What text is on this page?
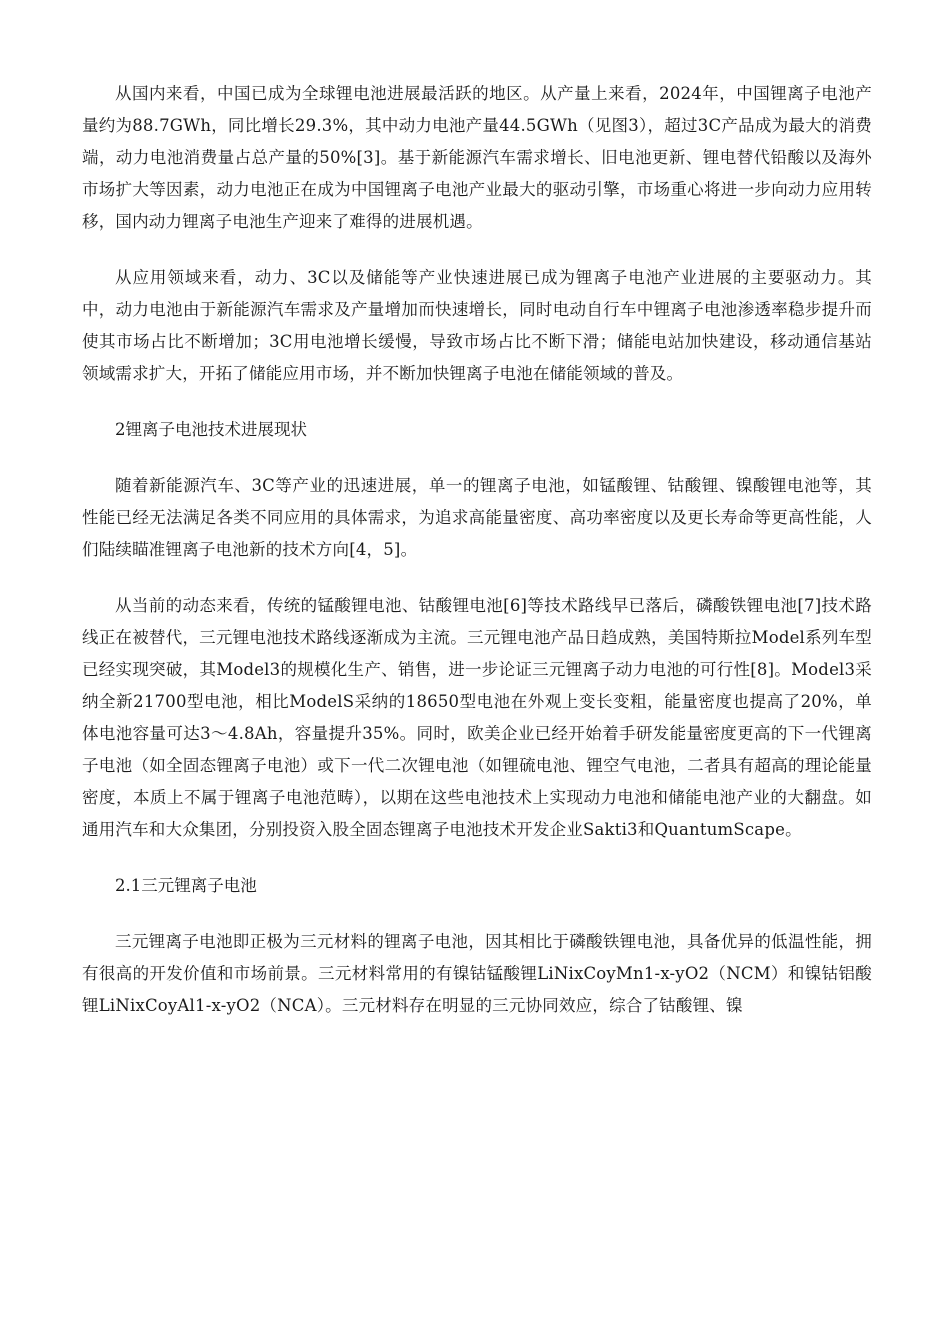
从国内来看，中国已成为全球锂电池进展最活跃的地区。从产量上来看，2024年，中国锂离子电池产量约为88.7GWh，同比增长29.3%，其中动力电池产量44.5GWh（见图3），超过3C产品成为最大的消费端，动力电池消费量占总产量的50%[3]。基于新能源汽车需求增长、旧电池更新、锂电替代铅酸以及海外市场扩大等因素，动力电池正在成为中国锂离子电池产业最大的驱动引擎，市场重心将进一步向动力应用转移，国内动力锂离子电池生产迎来了难得的进展机遇。

从应用领域来看，动力、3C以及储能等产业快速进展已成为锂离子电池产业进展的主要驱动力。其中，动力电池由于新能源汽车需求及产量增加而快速增长，同时电动自行车中锂离子电池渗透率稳步提升而使其市场占比不断增加；3C用电池增长缓慢，导致市场占比不断下滑；储能电站加快建设，移动通信基站领域需求扩大，开拓了储能应用市场，并不断加快锂离子电池在储能领域的普及。

2锂离子电池技术进展现状

随着新能源汽车、3C等产业的迅速进展，单一的锂离子电池，如锰酸锂、钴酸锂、镍酸锂电池等，其性能已经无法满足各类不同应用的具体需求，为追求高能量密度、高功率密度以及更长寿命等更高性能，人们陆续瞄准锂离子电池新的技术方向[4，5]。

从当前的动态来看，传统的锰酸锂电池、钴酸锂电池[6]等技术路线早已落后，磷酸铁锂电池[7]技术路线正在被替代，三元锂电池技术路线逐渐成为主流。三元锂电池产品日趋成熟，美国特斯拉Model系列车型已经实现突破，其Model3的规模化生产、销售，进一步论证三元锂离子动力电池的可行性[8]。Model3采纳全新21700型电池，相比ModelS采纳的18650型电池在外观上变长变粗，能量密度也提高了20%，单体电池容量可达3～4.8Ah，容量提升35%。同时，欧美企业已经开始着手研发能量密度更高的下一代锂离子电池（如全固态锂离子电池）或下一代二次锂电池（如锂硫电池、锂空气电池，二者具有超高的理论能量密度，本质上不属于锂离子电池范畴），以期在这些电池技术上实现动力电池和储能电池产业的大翻盘。如通用汽车和大众集团，分别投资入股全固态锂离子电池技术开发企业Sakti3和QuantumScape。

2.1三元锂离子电池

三元锂离子电池即正极为三元材料的锂离子电池，因其相比于磷酸铁锂电池，具备优异的低温性能，拥有很高的开发价值和市场前景。三元材料常用的有镍钴锰酸锂LiNixCoyMn1-x-yO2（NCM）和镍钴铝酸锂LiNixCoyAl1-x-yO2（NCA）。三元材料存在明显的三元协同效应，综合了钴酸锂、镍
